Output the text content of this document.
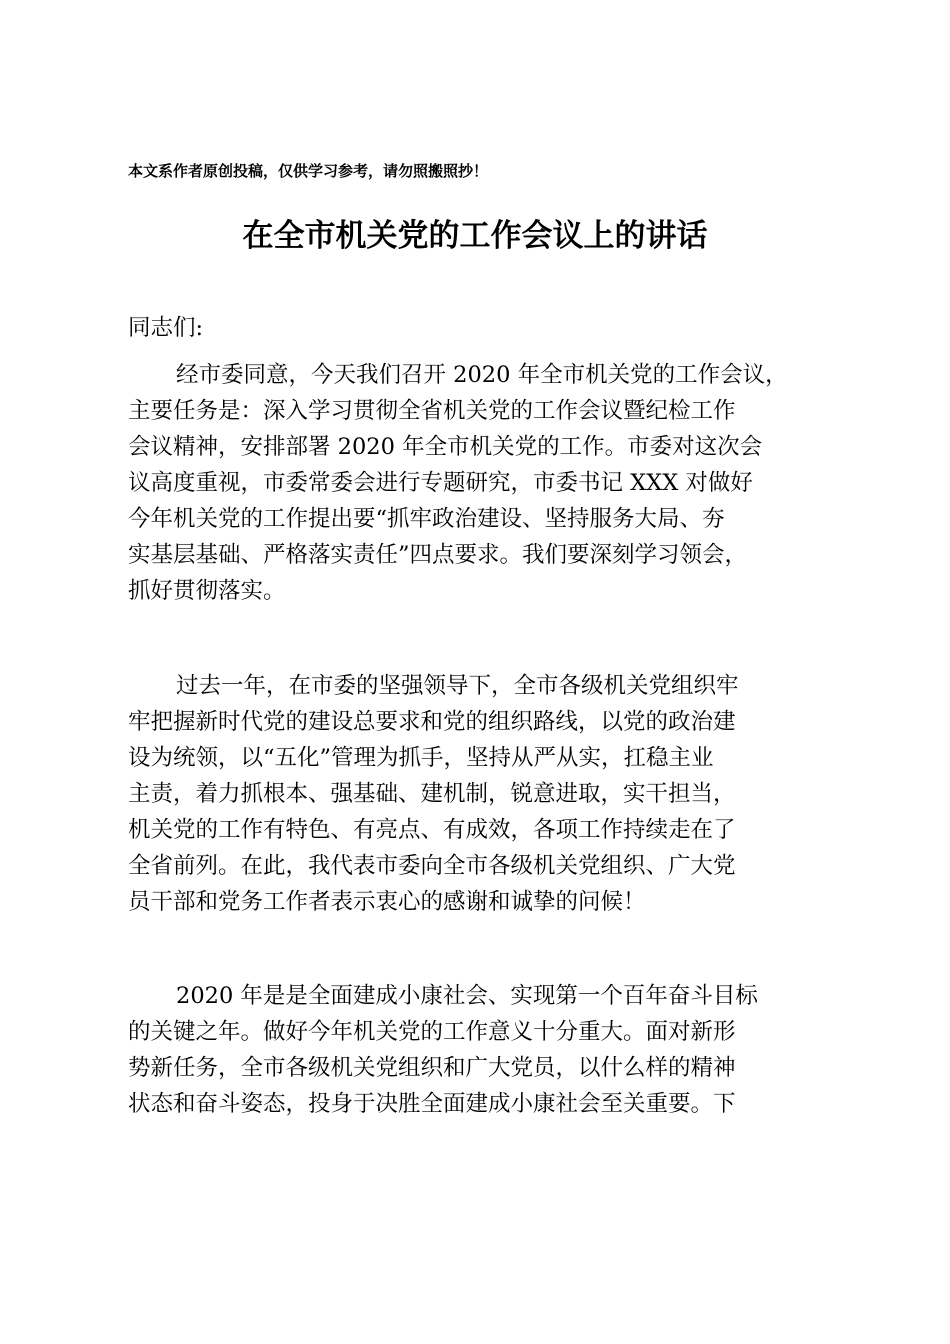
本文系作者原创投稿，仅供学习参考，请勿照搬照抄！
在全市机关党的工作会议上的讲话
同志们:
经市委同意，今天我们召开 2020 年全市机关党的工作会议，
主要任务是：深入学习贯彻全省机关党的工作会议暨纪检工作
会议精神，安排部署 2020 年全市机关党的工作。市委对这次会
议高度重视，市委常委会进行专题研究，市委书记 XXX 对做好
今年机关党的工作提出要“抓牢政治建设、坚持服务大局、夯
实基层基础、严格落实责任”四点要求。我们要深刻学习领会，
抓好贯彻落实。
过去一年，在市委的坚强领导下，全市各级机关党组织牢
牢把握新时代党的建设总要求和党的组织路线，以党的政治建
设为统领，以“五化”管理为抓手，坚持从严从实，扛稳主业
主责，着力抓根本、强基础、建机制，锐意进取，实干担当，
机关党的工作有特色、有亮点、有成效，各项工作持续走在了
全省前列。在此，我代表市委向全市各级机关党组织、广大党
员干部和党务工作者表示衷心的感谢和诚挚的问候！
2020 年是是全面建成小康社会、实现第一个百年奋斗目标
的关键之年。做好今年机关党的工作意义十分重大。面对新形
势新任务，全市各级机关党组织和广大党员，以什么样的精神
状态和奋斗姿态，投身于决胜全面建成小康社会至关重要。下
